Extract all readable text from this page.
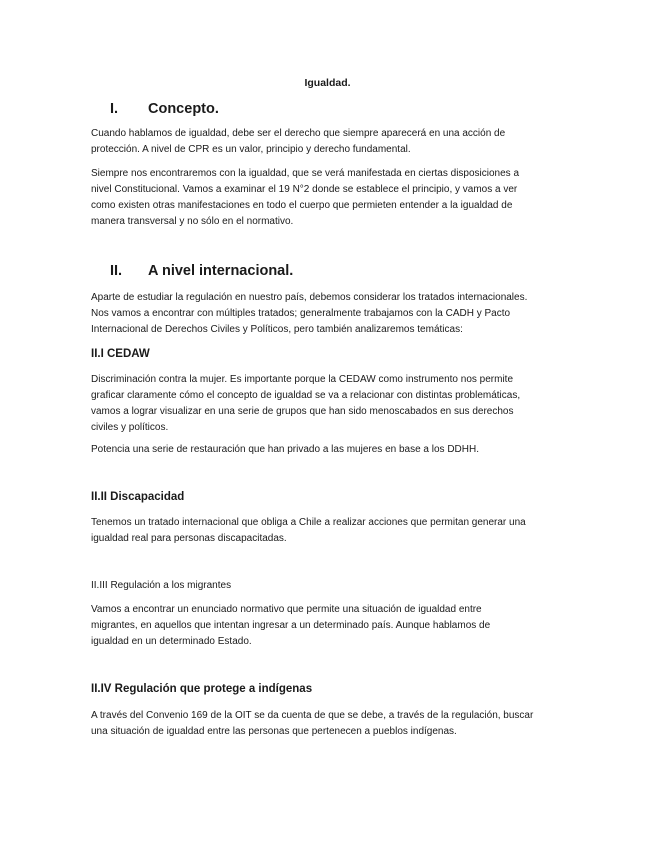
Igualdad.
I. Concepto.
Cuando hablamos de igualdad, debe ser el derecho que siempre aparecerá en una acción de
protección. A nivel de CPR es un valor, principio y derecho fundamental.
Siempre nos encontraremos con la igualdad, que se verá manifestada en ciertas disposiciones a
nivel Constitucional. Vamos a examinar el 19 N°2 donde se establece el principio, y vamos a ver
como existen otras manifestaciones en todo el cuerpo que permieten entender a la igualdad de
manera transversal y no sólo en el normativo.
II. A nivel internacional.
Aparte de estudiar la regulación en nuestro país, debemos considerar los tratados internacionales.
Nos vamos a encontrar con múltiples tratados; generalmente trabajamos con la CADH y Pacto
Internacional de Derechos Civiles y Políticos, pero también analizaremos temáticas:
II.I CEDAW
Discriminación contra la mujer. Es importante porque la CEDAW como instrumento nos permite
graficar claramente cómo el concepto de igualdad se va a relacionar con distintas problemáticas,
vamos a lograr visualizar en una serie de grupos que han sido menoscabados en sus derechos
civiles y políticos.
Potencia una serie de restauración que han privado a las mujeres en base a los DDHH.
II.II Discapacidad
Tenemos un tratado internacional que obliga a Chile a realizar acciones que permitan generar una
igualdad real para personas discapacitadas.
II.III Regulación a los migrantes
Vamos a encontrar un enunciado normativo que permite una situación de igualdad entre
migrantes, en aquellos que intentan ingresar a un determinado país. Aunque hablamos de
igualdad en un determinado Estado.
II.IV Regulación que protege a indígenas
A través del Convenio 169 de la OIT se da cuenta de que se debe, a través de la regulación, buscar
una situación de igualdad entre las personas que pertenecen a pueblos indígenas.
